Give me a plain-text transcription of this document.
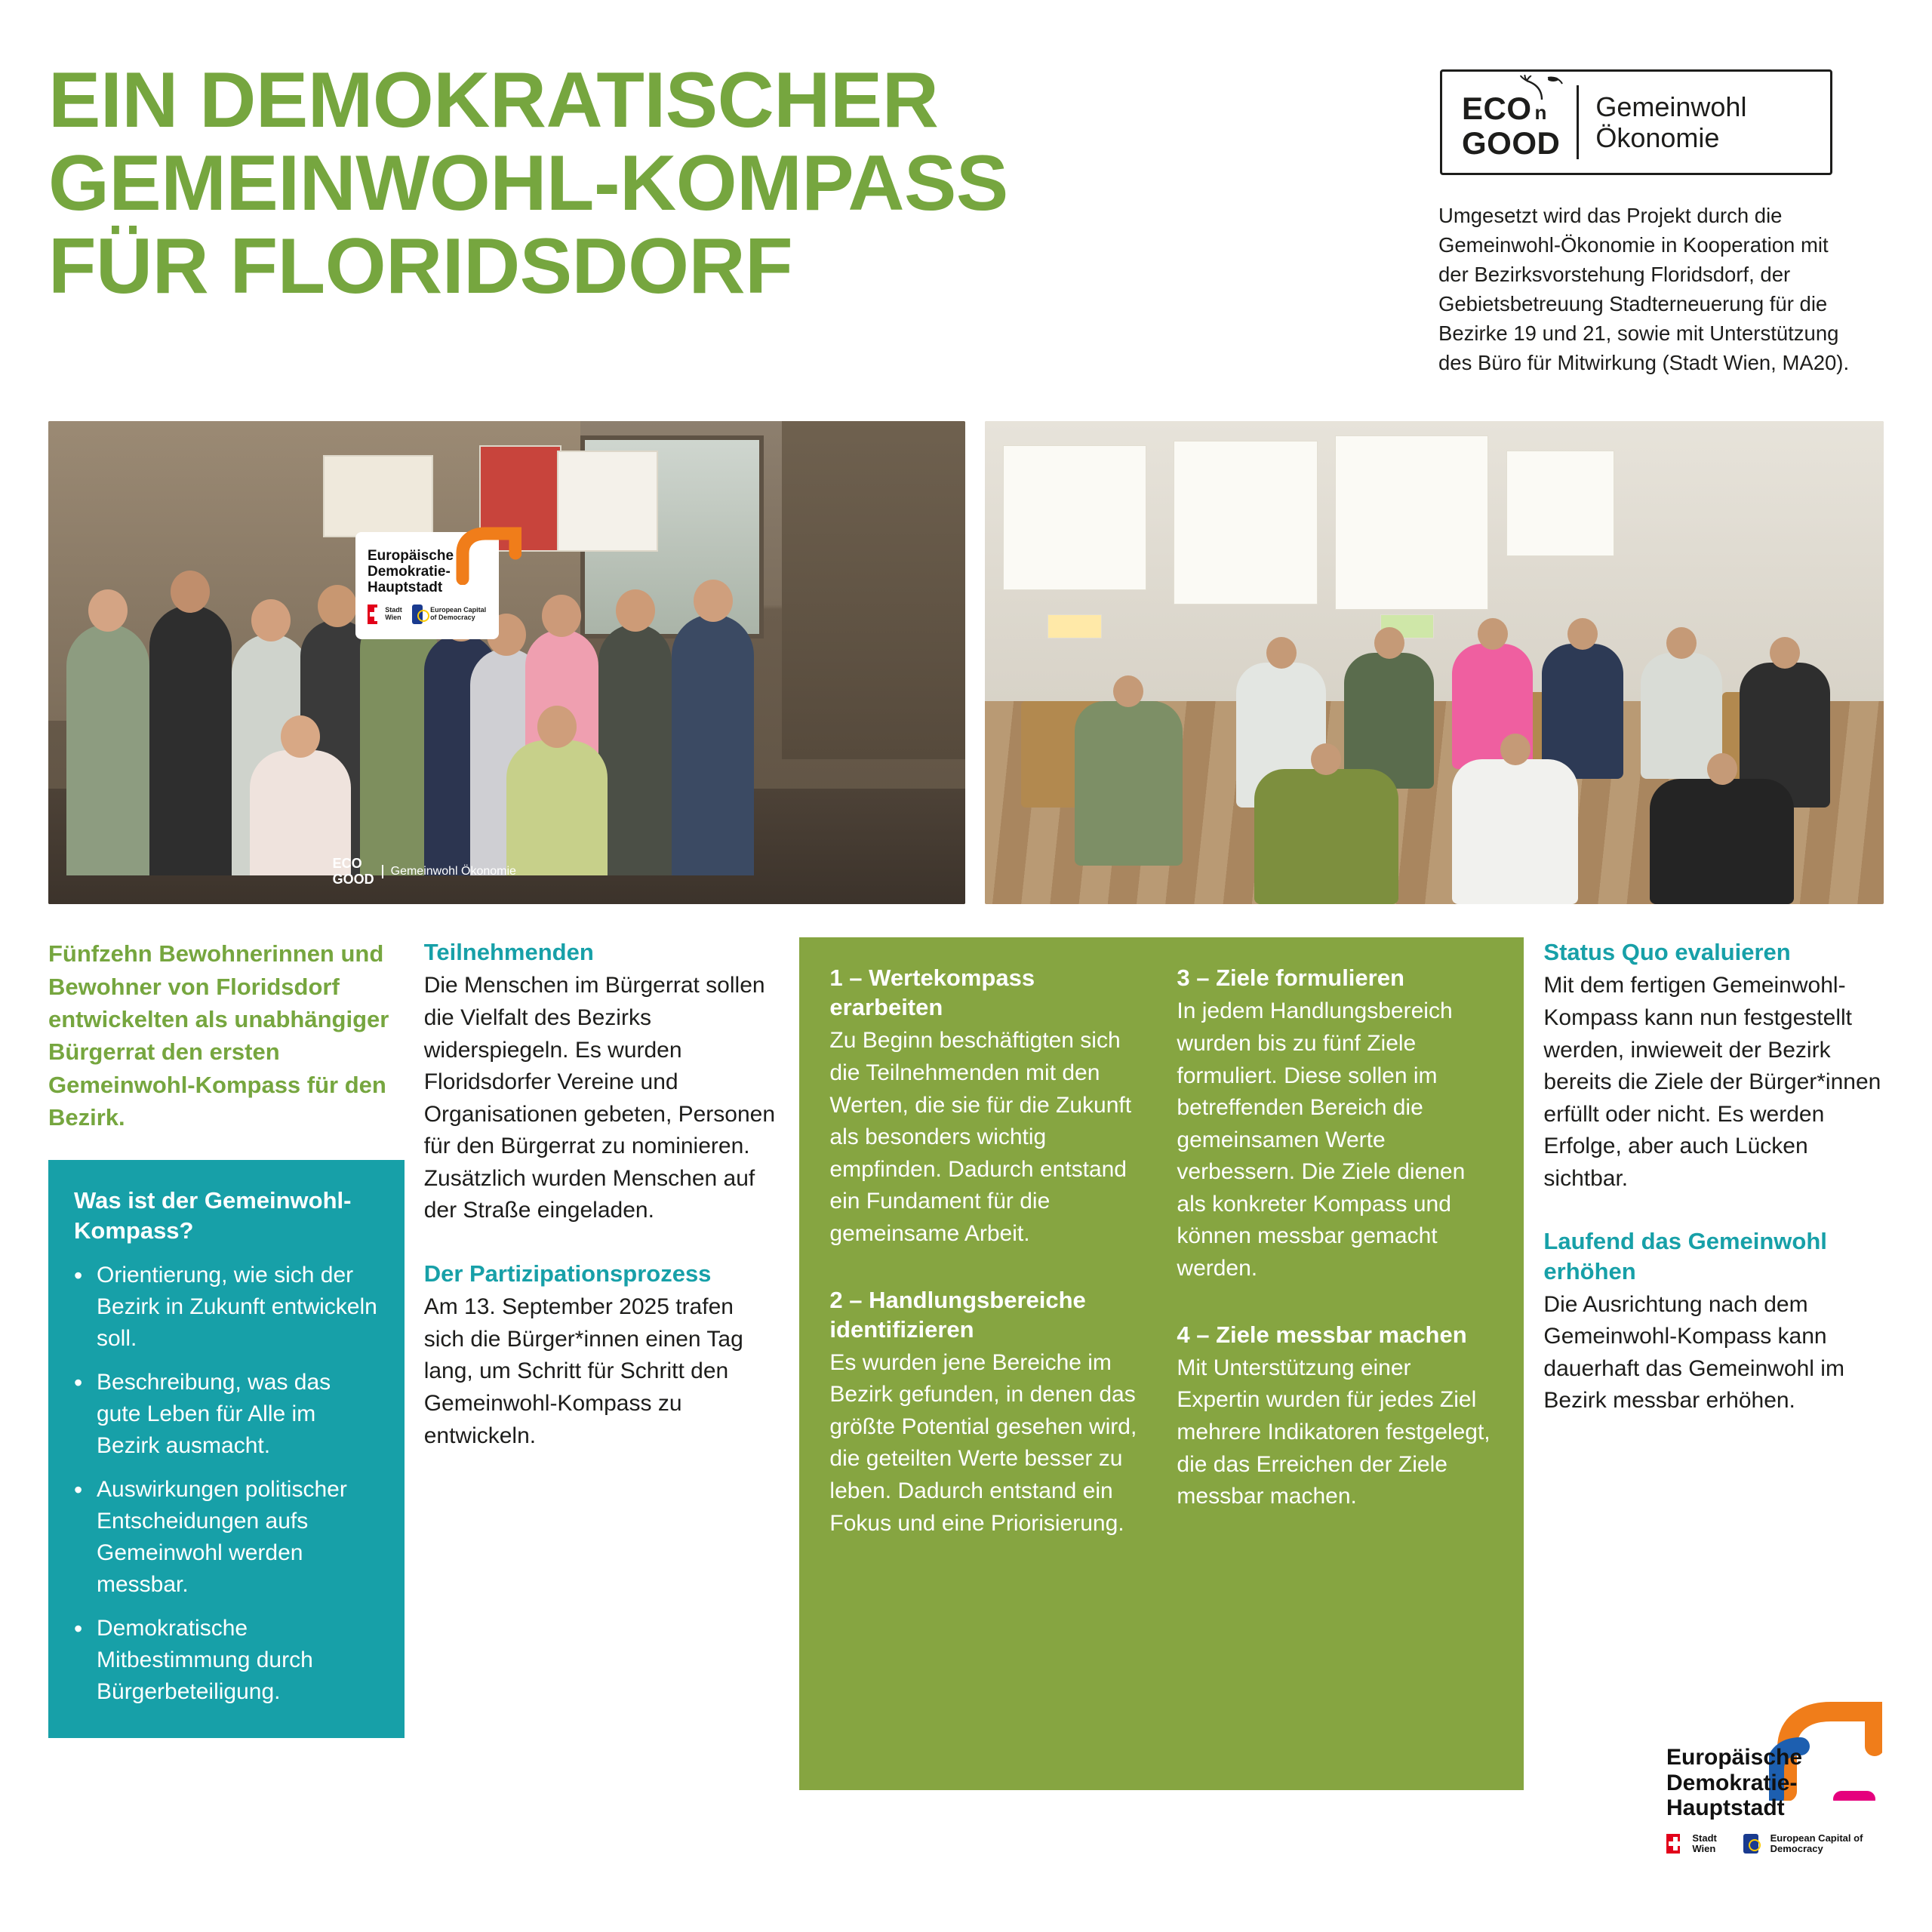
EIN DEMOKRATISCHER
GEMEINWOHL-KOMPASS
FÜR FLORIDSDORF
ECO n
GOOD
Gemeinwohl
Ökonomie
Umgesetzt wird das Projekt durch die Gemeinwohl-Ökonomie in Kooperation mit der Bezirksvorstehung Floridsdorf, der Gebietsbetreuung Stadterneuerung für die Bezirke 19 und 21, sowie mit Unterstützung des Büro für Mitwirkung (Stadt Wien, MA20).
Europäische Demokratie-Hauptstadt
Stadt Wien
European Capital of Democracy
ECO
GOOD
Gemeinwohl Ökonomie
Fünfzehn Bewohnerinnen und Bewohner von Floridsdorf entwickelten als unabhängiger Bürgerrat den ersten Gemeinwohl-Kompass für den Bezirk.
Was ist der Gemeinwohl-Kompass?
• Orientierung, wie sich der Bezirk in Zukunft entwickeln soll.
• Beschreibung, was das gute Leben für Alle im Bezirk ausmacht.
• Auswirkungen politischer Entscheidungen aufs Gemeinwohl werden messbar.
• Demokratische Mitbestimmung durch Bürgerbeteiligung.
Teilnehmenden

Die Menschen im Bürgerrat sollen die Vielfalt des Bezirks widerspiegeln. Es wurden Floridsdorfer Vereine und Organisationen gebeten, Personen für den Bürgerrat zu nominieren. Zusätzlich wurden Menschen auf der Straße eingeladen.

Der Partizipationsprozess

Am 13. September 2025 trafen sich die Bürger*innen einen Tag lang, um Schritt für Schritt den Gemeinwohl-Kompass zu entwickeln.

1 – Wertekompass erarbeiten

Zu Beginn beschäftigten sich die Teilnehmenden mit den Werten, die sie für die Zukunft als besonders wichtig empfinden. Dadurch entstand ein Fundament für die gemeinsame Arbeit.

2 – Handlungsbereiche identifizieren

Es wurden jene Bereiche im Bezirk gefunden, in denen das größte Potential gesehen wird, die geteilten Werte besser zu leben. Dadurch entstand ein Fokus und eine Priorisierung.

3 – Ziele formulieren

In jedem Handlungsbereich wurden bis zu fünf Ziele formuliert. Diese sollen im betreffenden Bereich die gemeinsamen Werte verbessern. Die Ziele dienen als konkreter Kompass und können messbar gemacht werden.

4 – Ziele messbar machen

Mit Unterstützung einer Expertin wurden für jedes Ziel mehrere Indikatoren festgelegt, die das Erreichen der Ziele messbar machen.

Status Quo evaluieren

Mit dem fertigen Gemeinwohl-Kompass kann nun festgestellt werden, inwieweit der Bezirk bereits die Ziele der Bürger*innen erfüllt oder nicht. Es werden Erfolge, aber auch Lücken sichtbar.

Laufend das Gemeinwohl erhöhen

Die Ausrichtung nach dem Gemeinwohl-Kompass kann dauerhaft das Gemeinwohl im Bezirk messbar erhöhen.

Europäische Demokratie-Hauptstadt
Stadt Wien
European Capital of Democracy
